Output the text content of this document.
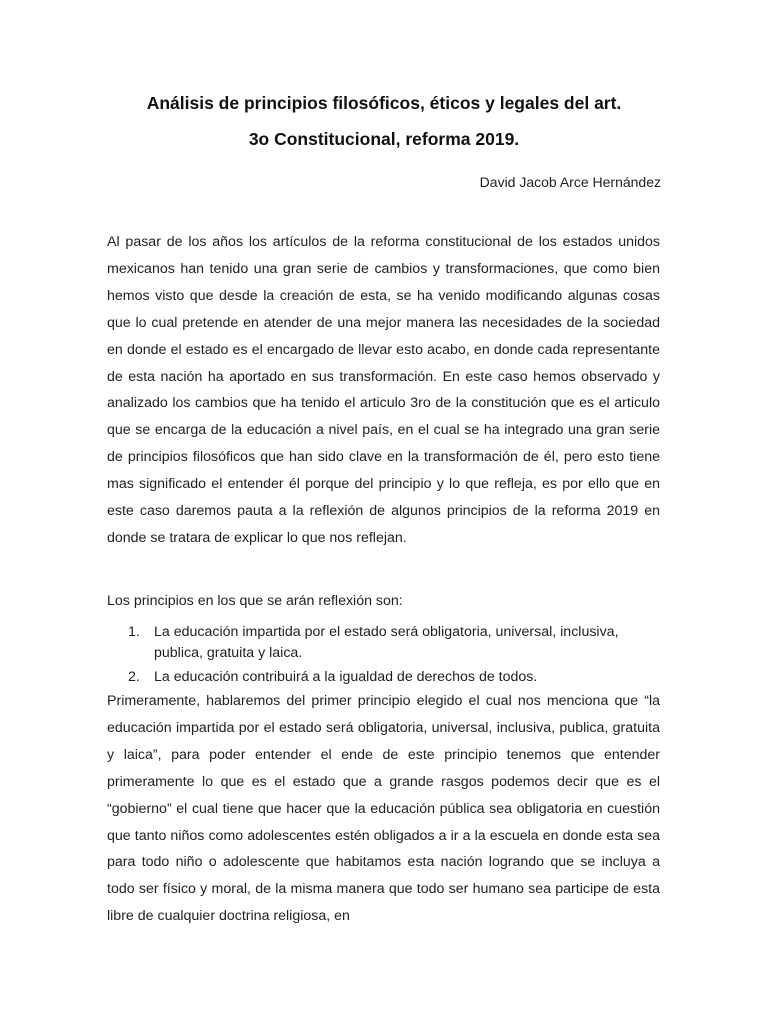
Análisis de principios filosóficos, éticos y legales del art.
3o Constitucional, reforma 2019.
David Jacob Arce Hernández

Al pasar de los años los artículos de la reforma constitucional de los estados unidos mexicanos han tenido una gran serie de cambios y transformaciones, que como bien hemos visto que desde la creación de esta, se ha venido modificando algunas cosas que lo cual pretende en atender de una mejor manera las necesidades de la sociedad en donde el estado es el encargado de llevar esto acabo, en donde cada representante de esta nación ha aportado en sus transformación. En este caso hemos observado y analizado los cambios que ha tenido el articulo 3ro de la constitución que es el articulo que se encarga de la educación a nivel país, en el cual se ha integrado una gran serie de principios filosóficos que han sido clave en la transformación de él, pero esto tiene mas significado el entender él porque del principio y lo que refleja, es por ello que en este caso daremos pauta a la reflexión de algunos principios de la reforma 2019 en donde se tratara de explicar lo que nos reflejan.

Los principios en los que se arán reflexión son:

1. La educación impartida por el estado será obligatoria, universal, inclusiva, publica, gratuita y laica.
2. La educación contribuirá a la igualdad de derechos de todos.

Primeramente, hablaremos del primer principio elegido el cual nos menciona que “la educación impartida por el estado será obligatoria, universal, inclusiva, publica, gratuita y laica”, para poder entender el ende de este principio tenemos que entender primeramente lo que es el estado que a grande rasgos podemos decir que es el “gobierno” el cual tiene que hacer que la educación pública sea obligatoria en cuestión que tanto niños como adolescentes estén obligados a ir a la escuela en donde esta sea para todo niño o adolescente que habitamos esta nación logrando que se incluya a todo ser físico y moral, de la misma manera que todo ser humano sea participe de esta libre de cualquier doctrina religiosa, en
